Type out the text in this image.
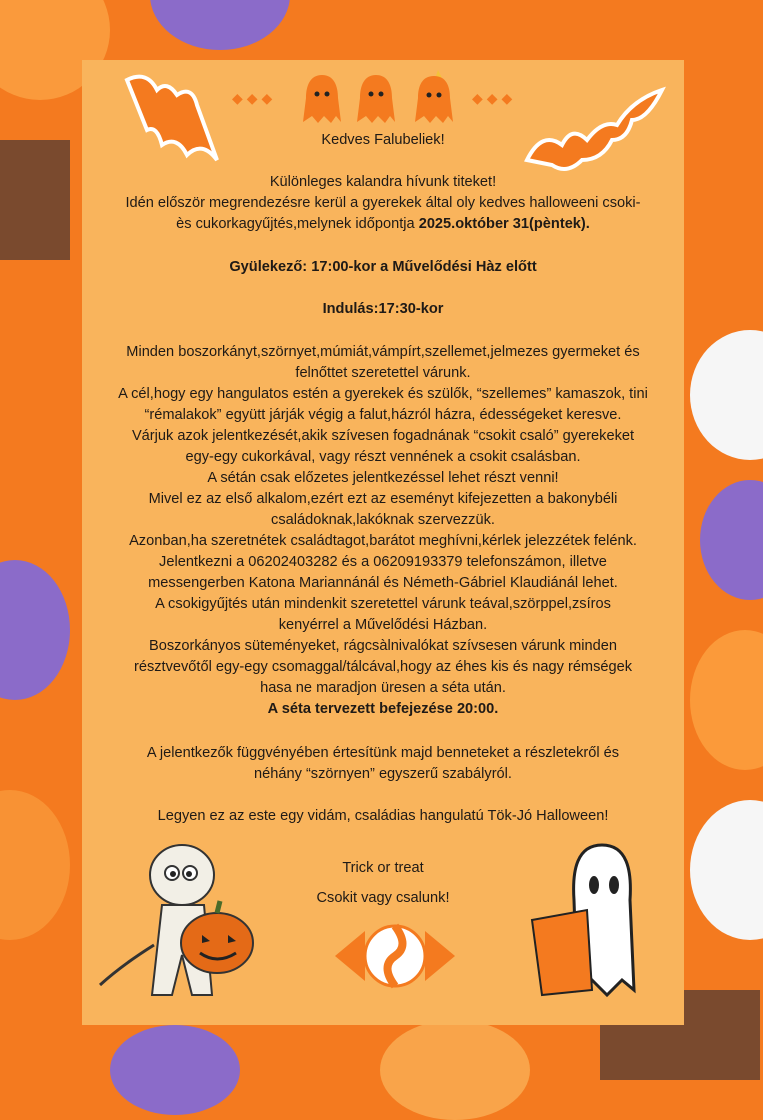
◆◆◆	◆◆◆
Kedves Falubeliek!
Különleges kalandra hívunk titeket!
Idén először megrendezésre kerül a gyerekek által oly kedves halloweeni csoki-
ès cukorkagyűjtés,melynek időpontja 2025.október 31(pèntek).
Gyülekező: 17:00-kor a Művelődési Hàz előtt
Indulás:17:30-kor
Minden boszorkányt,szörnyet,múmiát,vámpírt,szellemet,jelmezes gyermeket és
felnőttet szeretettel várunk.
A cél,hogy egy hangulatos estén a gyerekek és szülők, “szellemes” kamaszok, tini
“rémalakok” együtt járják végig a falut,házról házra, édességeket keresve.
Várjuk azok jelentkezését,akik szívesen fogadnának “csokit csaló” gyerekeket
egy-egy cukorkával, vagy részt vennének a csokit csalásban.
A sétán csak előzetes jelentkezéssel lehet részt venni!
Mivel ez az első alkalom,ezért ezt az eseményt kifejezetten a bakonybéli
családoknak,lakóknak szervezzük.
Azonban,ha szeretnétek családtagot,barátot meghívni,kérlek jelezzétek felénk.
Jelentkezni a 06202403282 és a 06209193379 telefonszámon, illetve
messengerben Katona Mariannánál és Németh-Gábriel Klaudiánál lehet.
A csokigyűjtés után mindenkit szeretettel várunk teával,szörppel,zsíros
kenyérrel a Művelődési Házban.
Boszorkányos süteményeket, rágcsàlnivalókat szívsesen várunk minden
résztvevőtől egy-egy csomaggal/tálcával,hogy az éhes kis és nagy rémségek
hasa ne maradjon üresen a séta után.
A séta tervezett befejezése 20:00.
A jelentkezők függvényében értesítünk majd benneteket a részletekről és
néhány “szörnyen” egyszerű szabályról.
Legyen ez az este egy vidám, családias hangulatú Tök-Jó Halloween!
Trick or treat
Csokit vagy csalunk!
